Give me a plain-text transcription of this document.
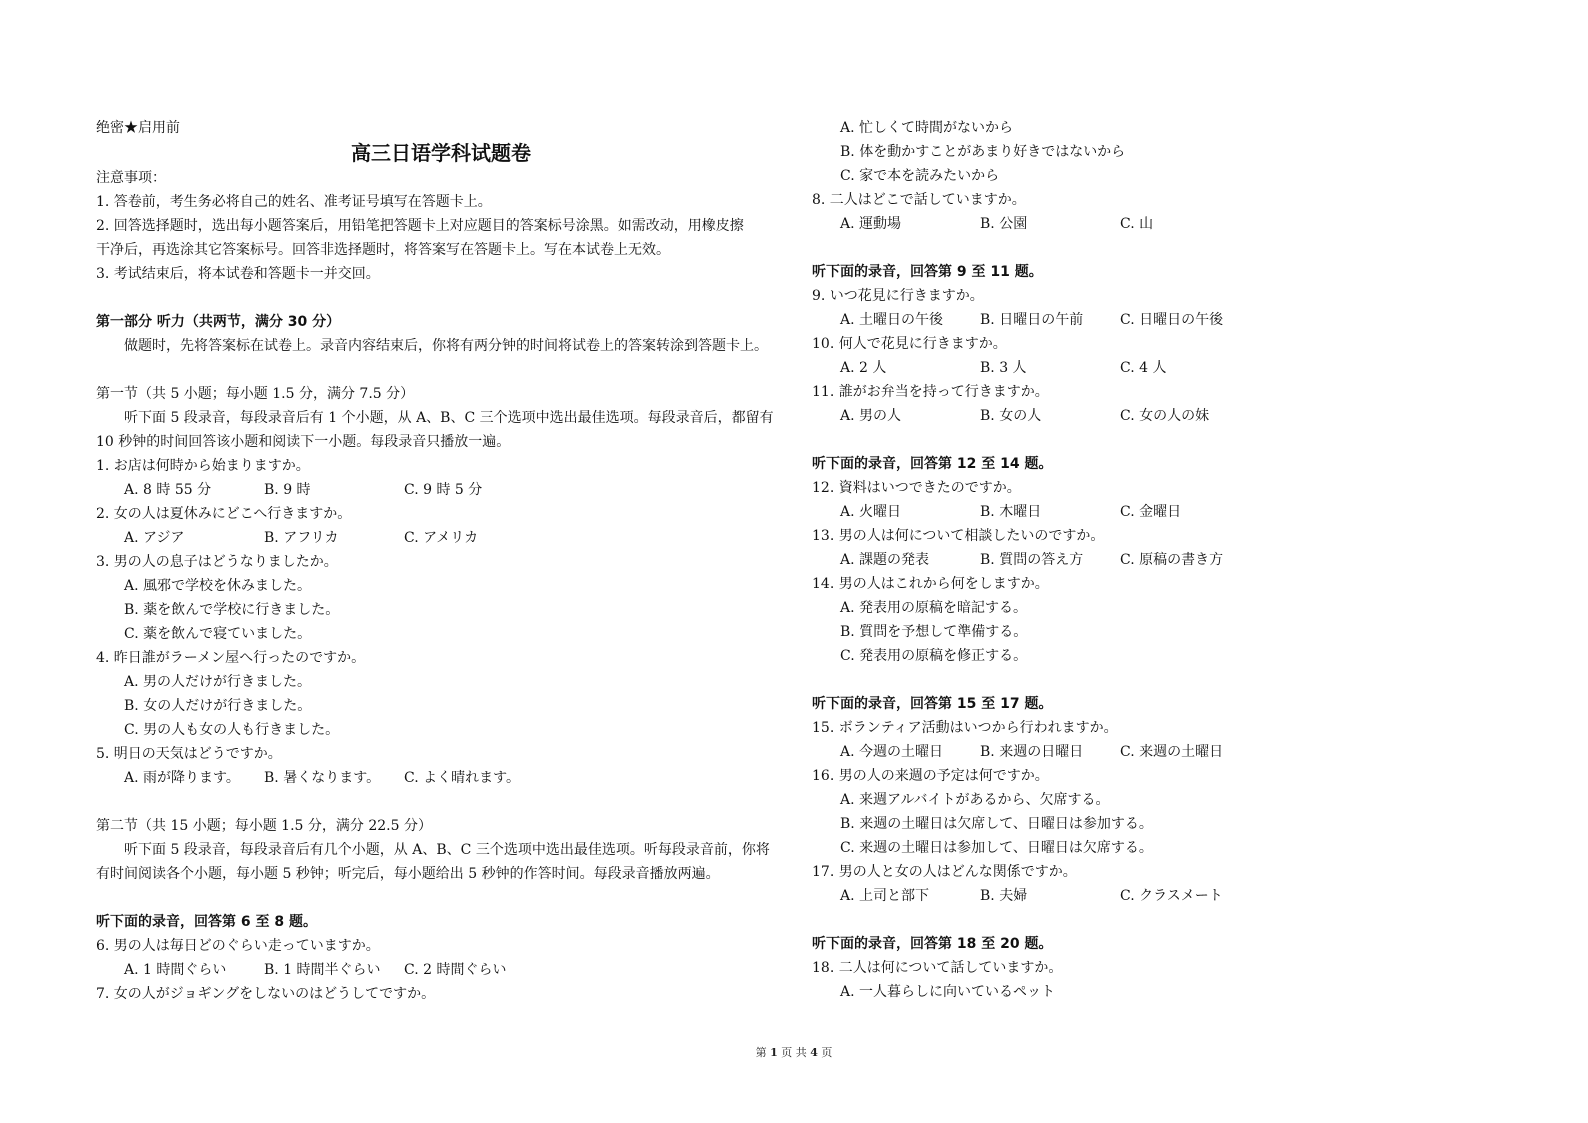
绝密★启用前
高三日语学科试题卷
注意事项：
1. 答卷前，考生务必将自己的姓名、准考证号填写在答题卡上。
2. 回答选择题时，选出每小题答案后，用铅笔把答题卡上对应题目的答案标号涂黑。如需改动，用橡皮擦
干净后，再选涂其它答案标号。回答非选择题时，将答案写在答题卡上。写在本试卷上无效。
3. 考试结束后，将本试卷和答题卡一并交回。
第一部分 听力（共两节，满分 30 分）
做题时，先将答案标在试卷上。录音内容结束后，你将有两分钟的时间将试卷上的答案转涂到答题卡上。
第一节（共 5 小题；每小题 1.5 分，满分 7.5 分）
听下面 5 段录音，每段录音后有 1 个小题，从 A、B、C 三个选项中选出最佳选项。每段录音后，都留有
10 秒钟的时间回答该小题和阅读下一小题。每段录音只播放一遍。
1. お店は何時から始まりますか。
A. 8 時 55 分	B. 9 時	C. 9 時 5 分
2. 女の人は夏休みにどこへ行きますか。
A. アジア	B. アフリカ	C. アメリカ
3. 男の人の息子はどうなりましたか。
A. 風邪で学校を休みました。
B. 薬を飲んで学校に行きました。
C. 薬を飲んで寝ていました。
4. 昨日誰がラーメン屋へ行ったのですか。
A. 男の人だけが行きました。
B. 女の人だけが行きました。
C. 男の人も女の人も行きました。
5. 明日の天気はどうですか。
A. 雨が降ります。 B. 暑くなります。 C. よく晴れます。
第二节（共 15 小题；每小题 1.5 分，满分 22.5 分）
听下面 5 段录音，每段录音后有几个小题，从 A、B、C 三个选项中选出最佳选项。听每段录音前，你将
有时间阅读各个小题，每小题 5 秒钟；听完后，每小题给出 5 秒钟的作答时间。每段录音播放两遍。
听下面的录音，回答第 6 至 8 题。
6. 男の人は毎日どのぐらい走っていますか。
A. 1 時間ぐらい	B. 1 時間半ぐらい C. 2 時間ぐらい
7. 女の人がジョギングをしないのはどうしてですか。
A. 忙しくて時間がないから
B. 体を動かすことがあまり好きではないから
C. 家で本を読みたいから
8. 二人はどこで話していますか。
A. 運動場	B. 公園	C. 山
听下面的录音，回答第 9 至 11 题。
9. いつ花見に行きますか。
A. 土曜日の午後	B. 日曜日の午前	C. 日曜日の午後
10. 何人で花見に行きますか。
A. 2 人	B. 3 人	C. 4 人
11. 誰がお弁当を持って行きますか。
A. 男の人	B. 女の人	C. 女の人の妹
听下面的录音，回答第 12 至 14 题。
12. 資料はいつできたのですか。
A. 火曜日	B. 木曜日	C. 金曜日
13. 男の人は何について相談したいのですか。
A. 課題の発表	B. 質問の答え方	C. 原稿の書き方
14. 男の人はこれから何をしますか。
A. 発表用の原稿を暗記する。
B. 質問を予想して準備する。
C. 発表用の原稿を修正する。
听下面的录音，回答第 15 至 17 题。
15. ボランティア活動はいつから行われますか。
A. 今週の土曜日	B. 来週の日曜日	C. 来週の土曜日
16. 男の人の来週の予定は何ですか。
A. 来週アルバイトがあるから、欠席する。
B. 来週の土曜日は欠席して、日曜日は参加する。
C. 来週の土曜日は参加して、日曜日は欠席する。
17. 男の人と女の人はどんな関係ですか。
A. 上司と部下	B. 夫婦	C. クラスメート
听下面的录音，回答第 18 至 20 题。
18. 二人は何について話していますか。
A. 一人暮らしに向いているペット
第 1 页 共 4 页
